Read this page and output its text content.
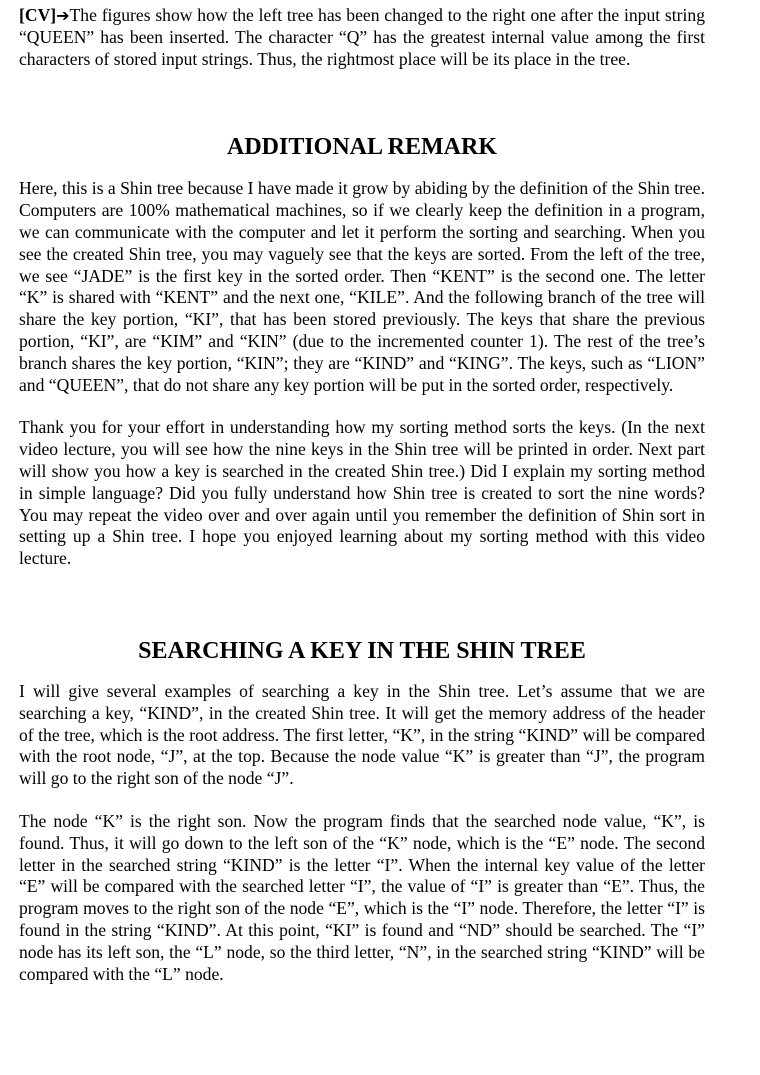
[CV]➔The figures show how the left tree has been changed to the right one after the input string “QUEEN” has been inserted. The character “Q” has the greatest internal value among the first characters of stored input strings. Thus, the rightmost place will be its place in the tree.

ADDITIONAL REMARK

Here, this is a Shin tree because I have made it grow by abiding by the definition of the Shin tree. Computers are 100% mathematical machines, so if we clearly keep the definition in a program, we can communicate with the computer and let it perform the sorting and searching. When you see the created Shin tree, you may vaguely see that the keys are sorted. From the left of the tree, we see “JADE” is the first key in the sorted order. Then “KENT” is the second one. The letter “K” is shared with “KENT” and the next one, “KILE”. And the following branch of the tree will share the key portion, “KI”, that has been stored previously. The keys that share the previous portion, “KI”, are “KIM” and “KIN” (due to the incremented counter 1). The rest of the tree’s branch shares the key portion, “KIN”; they are “KIND” and “KING”. The keys, such as “LION” and “QUEEN”, that do not share any key portion will be put in the sorted order, respectively.

Thank you for your effort in understanding how my sorting method sorts the keys. (In the next video lecture, you will see how the nine keys in the Shin tree will be printed in order. Next part will show you how a key is searched in the created Shin tree.) Did I explain my sorting method in simple language? Did you fully understand how Shin tree is created to sort the nine words? You may repeat the video over and over again until you remember the definition of Shin sort in setting up a Shin tree. I hope you enjoyed learning about my sorting method with this video lecture.

SEARCHING A KEY IN THE SHIN TREE

I will give several examples of searching a key in the Shin tree. Let’s assume that we are searching a key, “KIND”, in the created Shin tree. It will get the memory address of the header of the tree, which is the root address. The first letter, “K”, in the string “KIND” will be compared with the root node, “J”, at the top. Because the node value “K” is greater than “J”, the program will go to the right son of the node “J”.

The node “K” is the right son. Now the program finds that the searched node value, “K”, is found. Thus, it will go down to the left son of the “K” node, which is the “E” node. The second letter in the searched string “KIND” is the letter “I”. When the internal key value of the letter “E” will be compared with the searched letter “I”, the value of “I” is greater than “E”. Thus, the program moves to the right son of the node “E”, which is the “I” node. Therefore, the letter “I” is found in the string “KIND”. At this point, “KI” is found and “ND” should be searched. The “I” node has its left son, the “L” node, so the third letter, “N”, in the searched string “KIND” will be compared with the “L” node.
